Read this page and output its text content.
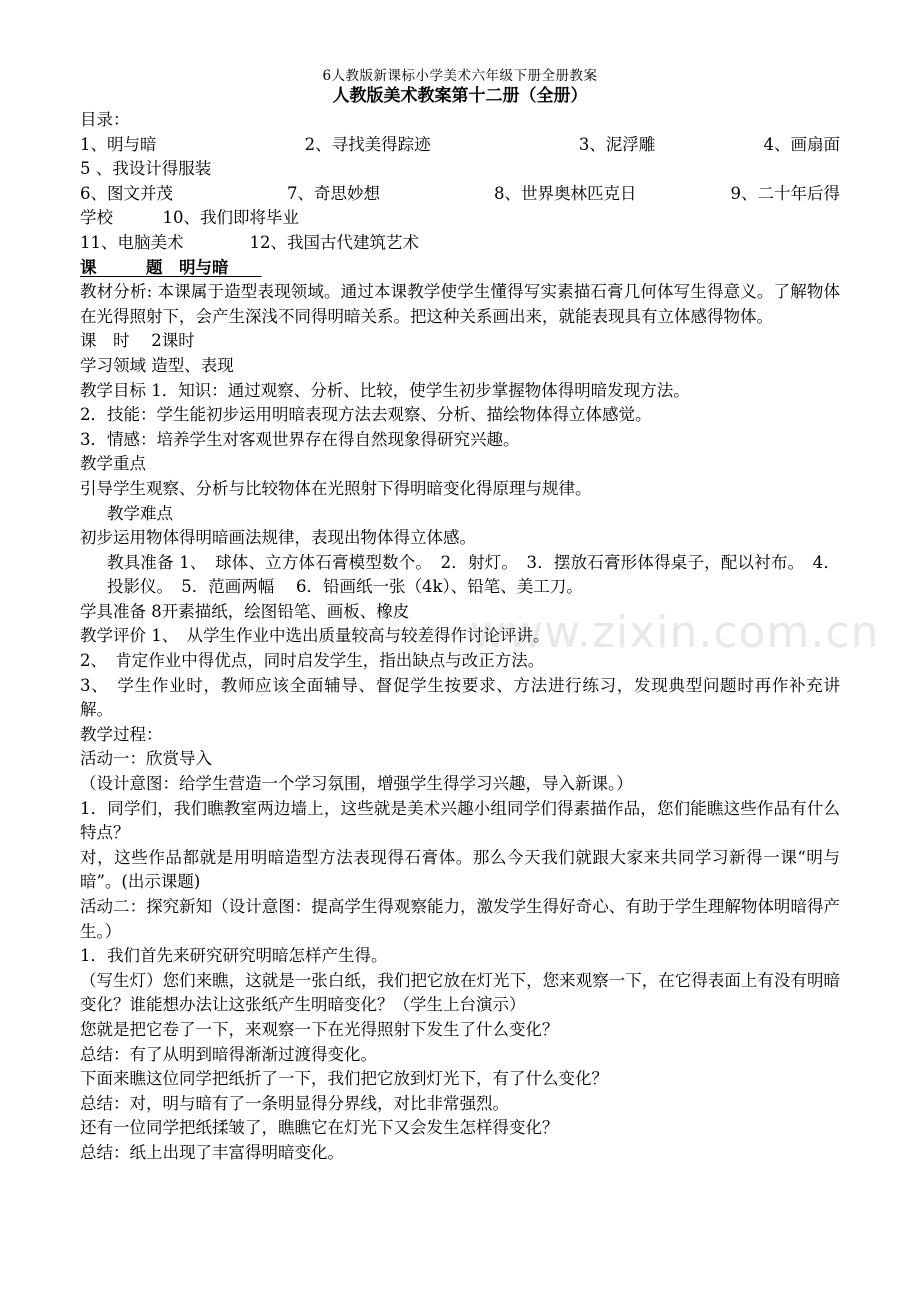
www.zixin.com.cn
6人教版新课标小学美术六年级下册全册教案
人教版美术教案第十二册（全册）
目录：
1、明与暗	2、寻找美得踪迹	3、泥浮雕	4、画扇面
5 、我设计得服装
6、图文并茂	7、奇思妙想	8、世界奥林匹克日	9、二十年后得
学校　　　10、我们即将毕业
11、电脑美术　　　　12、我国古代建筑艺术
课　　　题　 明与暗　　
教材分析: 本课属于造型表现领域。通过本课教学使学生懂得写实素描石膏几何体写生得意义。了解物体在光得照射下，会产生深浅不同得明暗关系。把这种关系画出来，就能表现具有立体感得物体。
课　时　 2课时
学习领域 造型、表现
教学目标 1．知识：通过观察、分析、比较，使学生初步掌握物体得明暗发现方法。
2．技能：学生能初步运用明暗表现方法去观察、分析、描绘物体得立体感觉。
3．情感：培养学生对客观世界存在得自然现象得研究兴趣。
教学重点
引导学生观察、分析与比较物体在光照射下得明暗变化得原理与规律。
教学难点
初步运用物体得明暗画法规律，表现出物体得立体感。
教具准备 1、　球体、立方体石膏模型数个。　2．射灯。　3．摆放石膏形体得桌子，配以衬布。　4．投影仪。　5．范画两幅　 6．铅画纸一张（4k）、铅笔、美工刀。
学具准备 8开素描纸，绘图铅笔、画板、橡皮
教学评价 1、　从学生作业中选出质量较高与较差得作讨论评讲。
2、　肯定作业中得优点，同时启发学生，指出缺点与改正方法。
3、　学生作业时，教师应该全面辅导、督促学生按要求、方法进行练习，发现典型问题时再作补充讲解。
教学过程：
活动一：欣赏导入
（设计意图：给学生营造一个学习氛围，增强学生得学习兴趣，导入新课。）
1．同学们，我们瞧教室两边墙上，这些就是美术兴趣小组同学们得素描作品，您们能瞧这些作品有什么特点？
对，这些作品都就是用明暗造型方法表现得石膏体。那么今天我们就跟大家来共同学习新得一课“明与暗”。(出示课题)
活动二：探究新知（设计意图：提高学生得观察能力，激发学生得好奇心、有助于学生理解物体明暗得产生。）
1．我们首先来研究研究明暗怎样产生得。
（写生灯）您们来瞧，这就是一张白纸，我们把它放在灯光下，您来观察一下，在它得表面上有没有明暗变化？谁能想办法让这张纸产生明暗变化？（学生上台演示）
您就是把它卷了一下，来观察一下在光得照射下发生了什么变化？
总结：有了从明到暗得渐渐过渡得变化。
下面来瞧这位同学把纸折了一下，我们把它放到灯光下，有了什么变化？
总结：对，明与暗有了一条明显得分界线，对比非常强烈。
还有一位同学把纸揉皱了，瞧瞧它在灯光下又会发生怎样得变化？
总结：纸上出现了丰富得明暗变化。
